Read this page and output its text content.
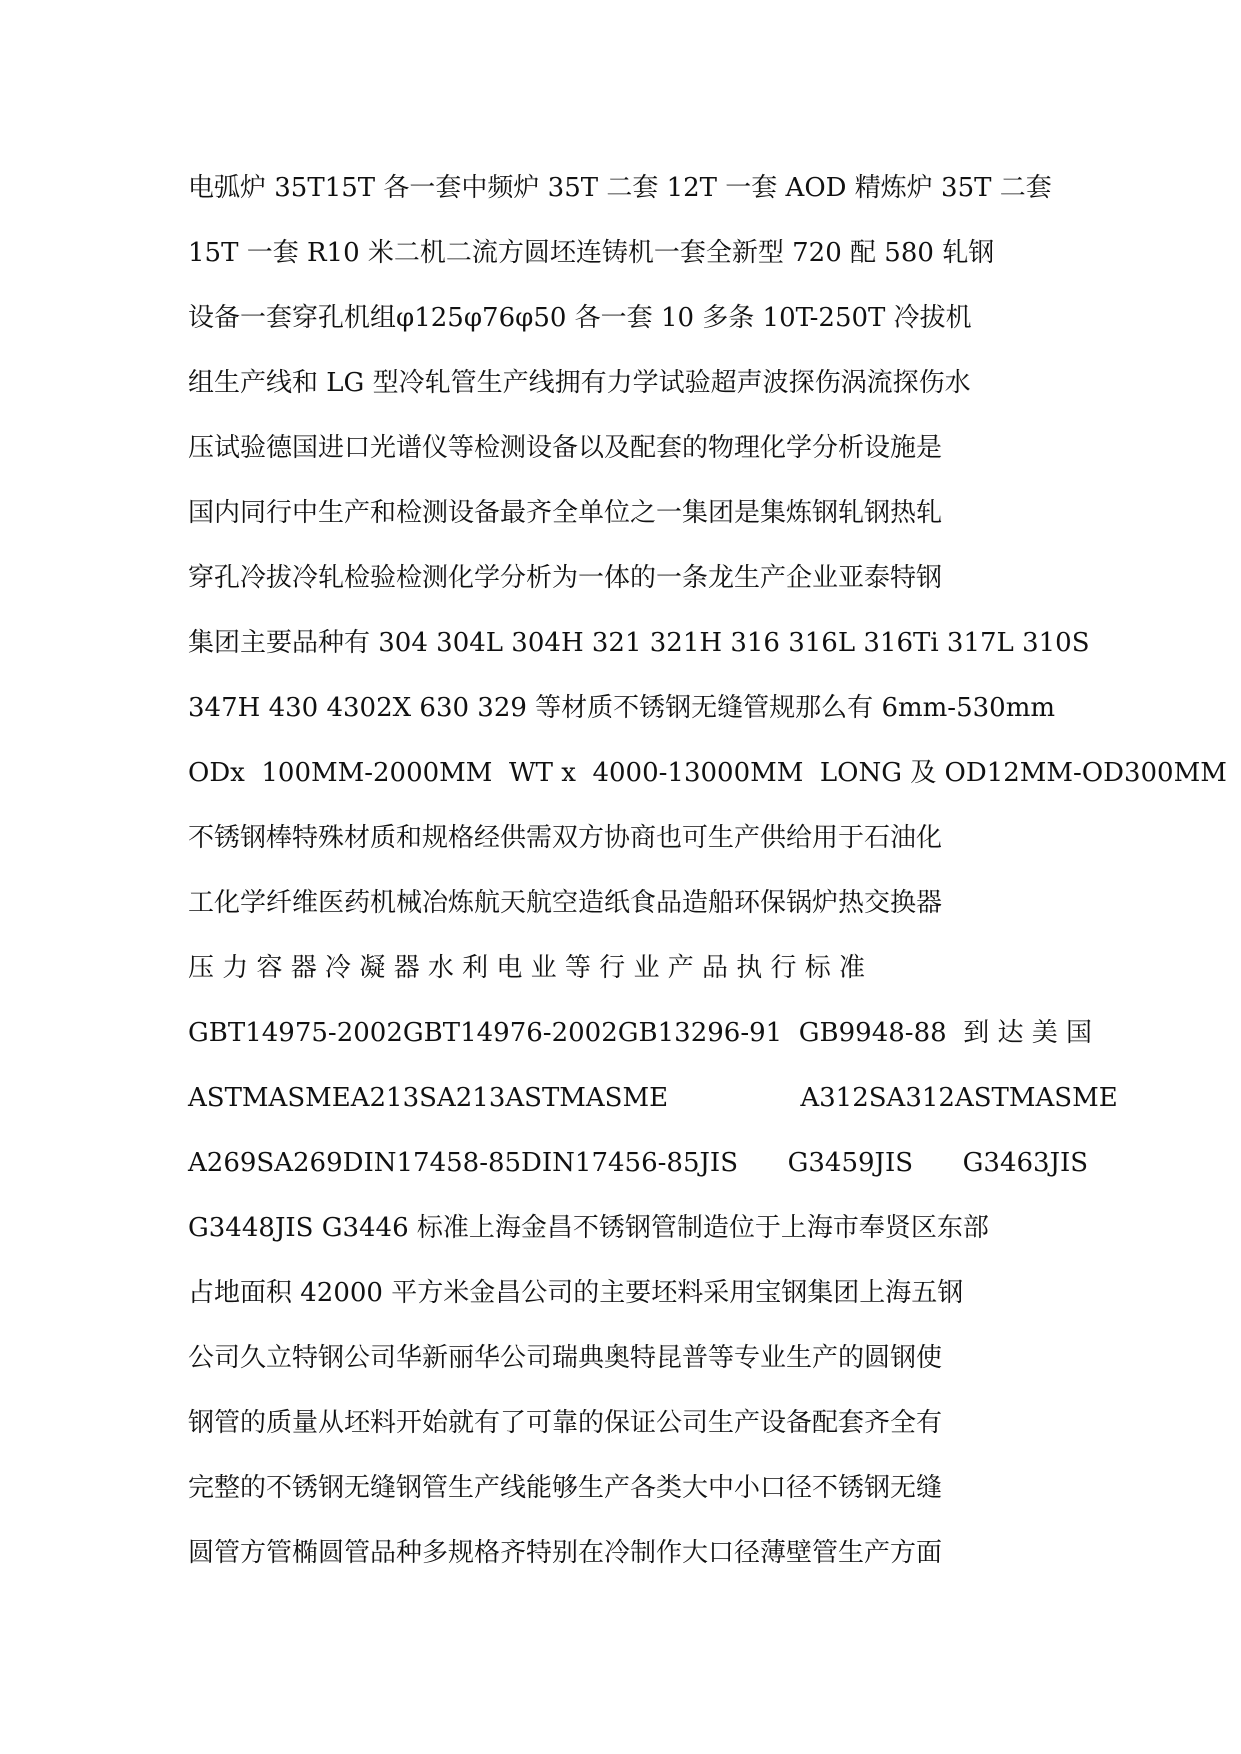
电弧炉 35T15T 各一套中频炉 35T 二套 12T 一套 AOD 精炼炉 35T 二套
15T 一套 R10 米二机二流方圆坯连铸机一套全新型 720 配 580 轧钢
设备一套穿孔机组φ125φ76φ50 各一套 10 多条 10T-250T 冷拔机
组生产线和 LG 型冷轧管生产线拥有力学试验超声波探伤涡流探伤水
压试验德国进口光谱仪等检测设备以及配套的物理化学分析设施是
国内同行中生产和检测设备最齐全单位之一集团是集炼钢轧钢热轧
穿孔冷拔冷轧检验检测化学分析为一体的一条龙生产企业亚泰特钢
集团主要品种有 304 304L 304H 321 321H 316 316L 316Ti 317L 310S
347H 430 4302X 630 329 等材质不锈钢无缝管规那么有 6mm-530mm
ODx  100MM-2000MM  WT x  4000-13000MM  LONG 及 OD12MM-OD300MM
不锈钢棒特殊材质和规格经供需双方协商也可生产供给用于石油化
工化学纤维医药机械冶炼航天航空造纸食品造船环保锅炉热交换器
压 力 容 器 冷 凝 器 水 利 电 业 等 行 业 产 品 执 行 标 准
GBT14975-2002GBT14976-2002GB13296-91  GB9948-88  到 达 美 国
ASTMASMEA213SA213ASTMASME                A312SA312ASTMASME
A269SA269DIN17458-85DIN17456-85JIS      G3459JIS      G3463JIS
G3448JIS G3446 标准上海金昌不锈钢管制造位于上海市奉贤区东部
占地面积 42000 平方米金昌公司的主要坯料采用宝钢集团上海五钢
公司久立特钢公司华新丽华公司瑞典奥特昆普等专业生产的圆钢使
钢管的质量从坯料开始就有了可靠的保证公司生产设备配套齐全有
完整的不锈钢无缝钢管生产线能够生产各类大中小口径不锈钢无缝
圆管方管椭圆管品种多规格齐特别在冷制作大口径薄壁管生产方面
